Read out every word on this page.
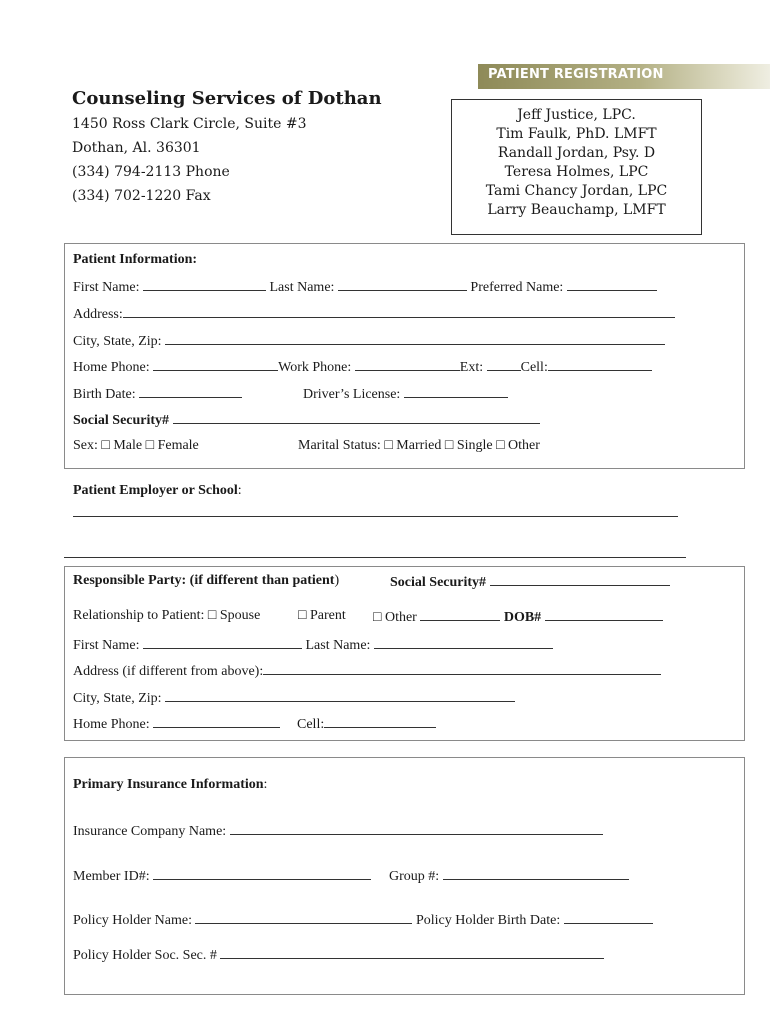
PATIENT REGISTRATION
Counseling Services of Dothan
1450 Ross Clark Circle, Suite #3
Dothan, Al. 36301
(334) 794-2113 Phone
(334) 702-1220 Fax
Jeff Justice, LPC.
Tim Faulk, PhD. LMFT
Randall Jordan, Psy. D
Teresa Holmes, LPC
Tami Chancy Jordan, LPC
Larry Beauchamp, LMFT
Patient Information:
First Name:	Last Name:	Preferred Name:
Address:
City, State, Zip:
Home Phone:	Work Phone:	Ext:	Cell:
Birth Date:	Driver’s License:
Social Security#
Sex: □ Male □ Female	Marital Status: □ Married □ Single □ Other
Patient Employer or School:
Responsible Party: (if different than patient)	Social Security#
Relationship to Patient: □ Spouse	□ Parent □ Other	DOB#
First Name:	Last Name:
Address (if different from above):
City, State, Zip:
Home Phone:	Cell:
Primary Insurance Information:
Insurance Company Name:
Member ID#:	Group #:
Policy Holder Name:	Policy Holder Birth Date:
Policy Holder Soc. Sec. #
